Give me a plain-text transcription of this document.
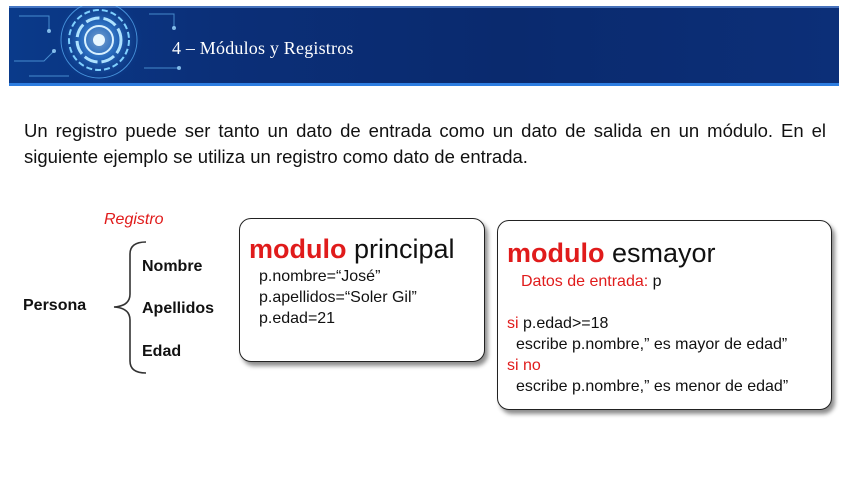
4 – Módulos y Registros
Un registro puede ser tanto un dato de entrada como un dato de salida en un módulo. En el siguiente ejemplo se utiliza un registro como dato de entrada.
Registro
Persona
Nombre
Apellidos
Edad
modulo principal
p.nombre=“José”
p.apellidos=“Soler Gil”
p.edad=21
modulo esmayor
Datos de entrada: p
si p.edad>=18
escribe p.nombre,” es mayor de edad”
si no
escribe p.nombre,” es menor de edad”
